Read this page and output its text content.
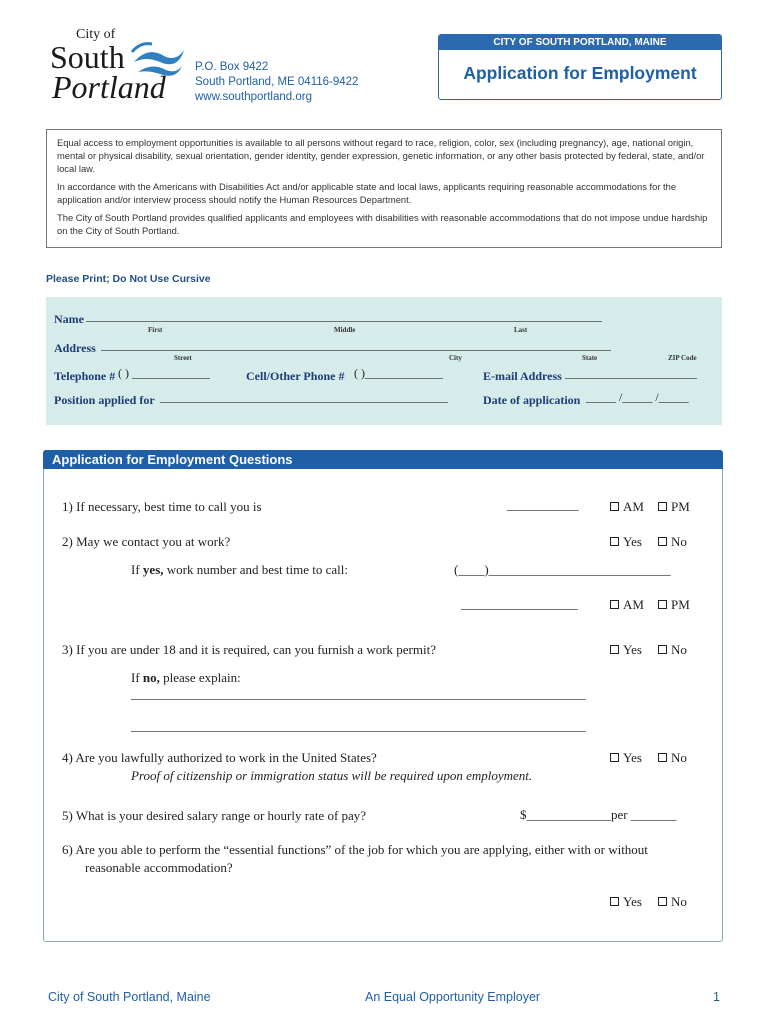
City of
South
Portland
P.O. Box 9422
South Portland, ME 04116-9422
www.southportland.org
CITY OF SOUTH PORTLAND, MAINE
Application for Employment

Equal access to employment opportunities is available to all persons without regard to race, religion, color, sex (including pregnancy), age, national origin, mental or physical disability, sexual orientation, gender identity, gender expression, genetic information, or any other basis protected by federal, state, and/or local law.

In accordance with the Americans with Disabilities Act and/or applicable state and local laws, applicants requiring reasonable accommodations for the application and/or interview process should notify the Human Resources Department.

The City of South Portland provides qualified applicants and employees with disabilities with reasonable accommodations that do not impose undue hardship on the City of South Portland.

Please Print; Do Not Use Cursive
Name ______________________________________________________________________________________
First	Middle	Last
Address _____________________________________________________________________________________
Street	City	State	ZIP Code
Telephone # ( ) _____________	Cell/Other Phone # ( )_____________	E-mail Address ______________________
Position applied for ________________________________________________	Date of application _____ /_____ /_____
Application for Employment Questions
1) If necessary, best time to call you is	___________	AM	PM
2) May we contact you at work?	Yes	No
If yes, work number and best time to call:	(____)____________________________
__________________	AM	PM
3) If you are under 18 and it is required, can you furnish a work permit?	Yes	No
If no, please explain:
______________________________________________________________________
______________________________________________________________________
4) Are you lawfully authorized to work in the United States?	Yes	No
Proof of citizenship or immigration status will be required upon employment.
5) What is your desired salary range or hourly rate of pay?	$_____________per _______
6) Are you able to perform the “essential functions” of the job for which you are applying, either with or without
reasonable accommodation?
Yes	No
City of South Portland, Maine	An Equal Opportunity Employer	1
